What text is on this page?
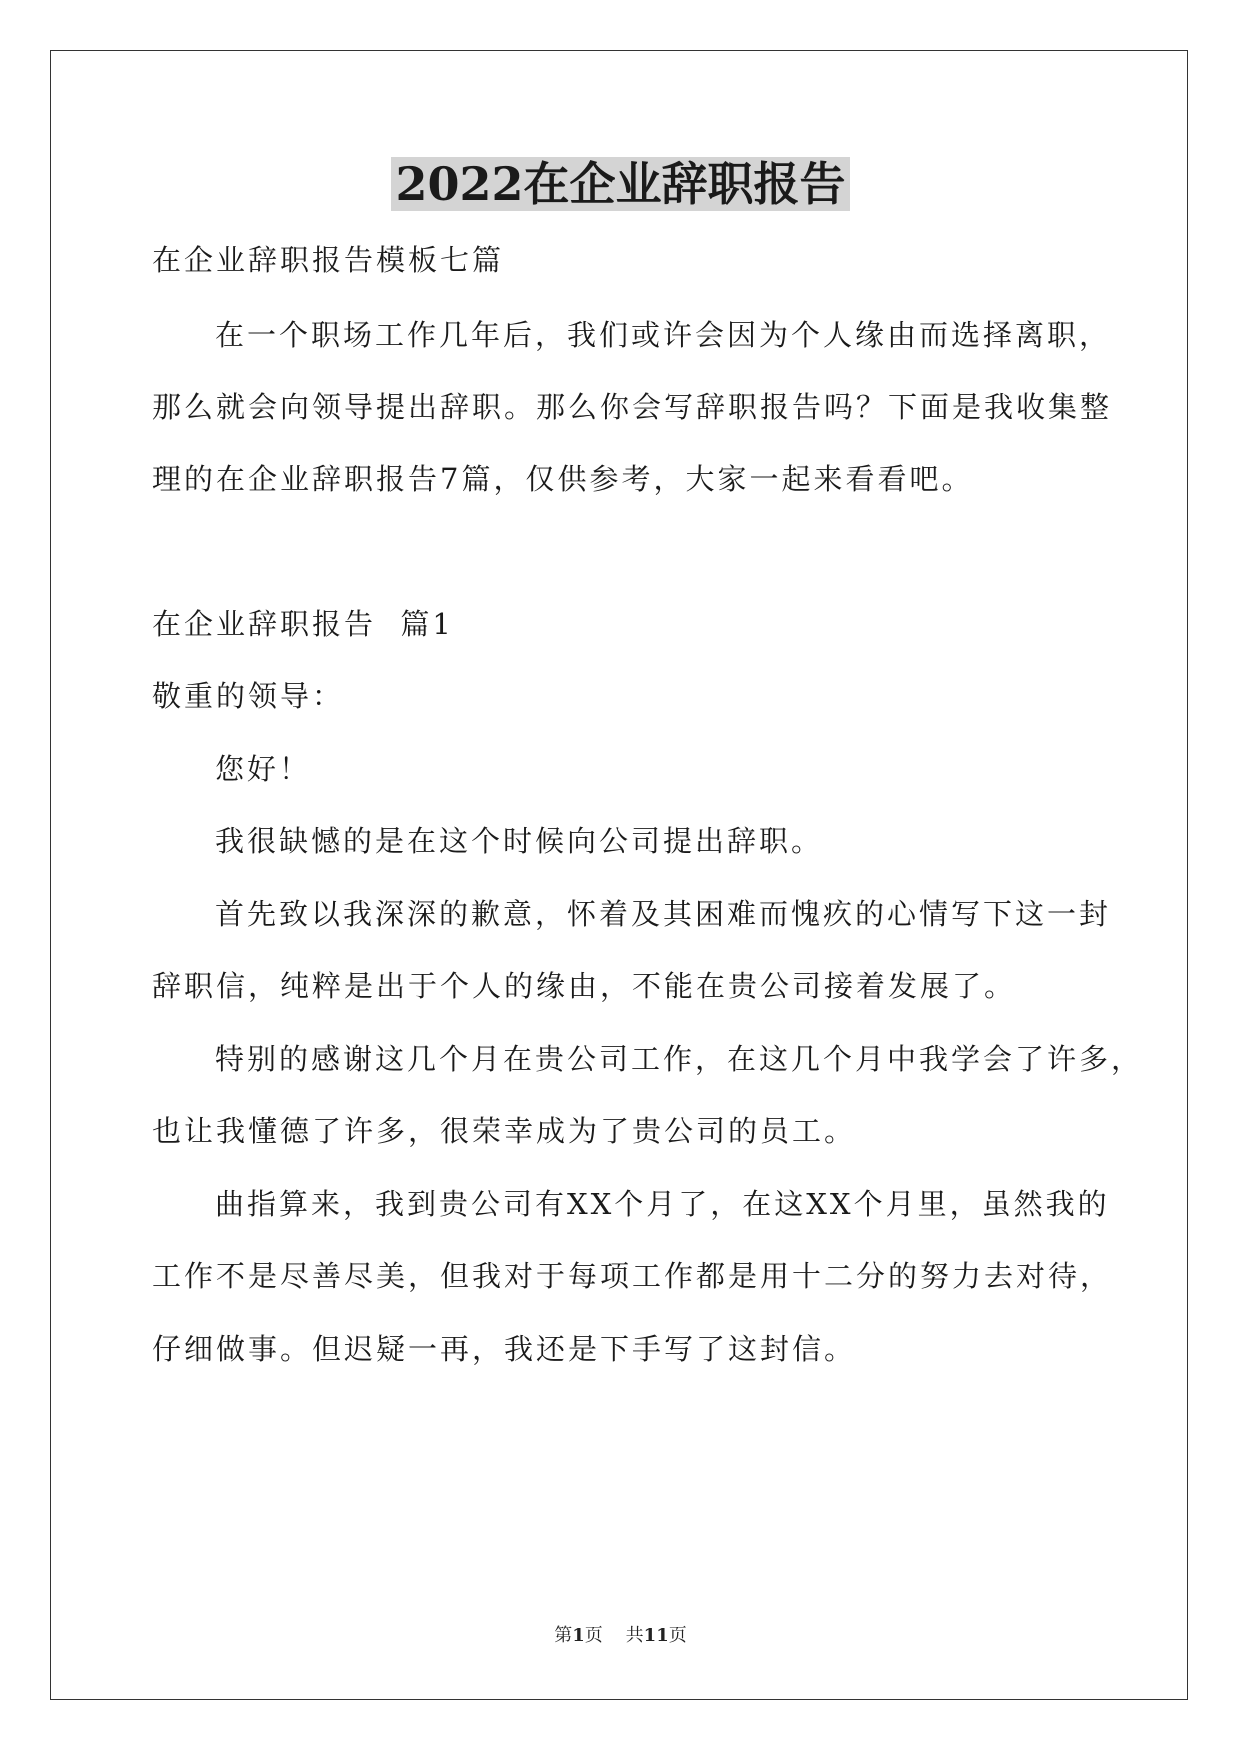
2022在企业辞职报告
在企业辞职报告模板七篇
在一个职场工作几年后，我们或许会因为个人缘由而选择离职，
那么就会向领导提出辞职。那么你会写辞职报告吗？下面是我收集整
理的在企业辞职报告7篇，仅供参考，大家一起来看看吧。
在企业辞职报告  篇1
敬重的领导：
您好！
我很缺憾的是在这个时候向公司提出辞职。
首先致以我深深的歉意，怀着及其困难而愧疚的心情写下这一封
辞职信，纯粹是出于个人的缘由，不能在贵公司接着发展了。
特别的感谢这几个月在贵公司工作，在这几个月中我学会了许多，
也让我懂德了许多，很荣幸成为了贵公司的员工。
曲指算来，我到贵公司有XX个月了，在这XX个月里，虽然我的
工作不是尽善尽美，但我对于每项工作都是用十二分的努力去对待，
仔细做事。但迟疑一再，我还是下手写了这封信。
第1页 共11页
